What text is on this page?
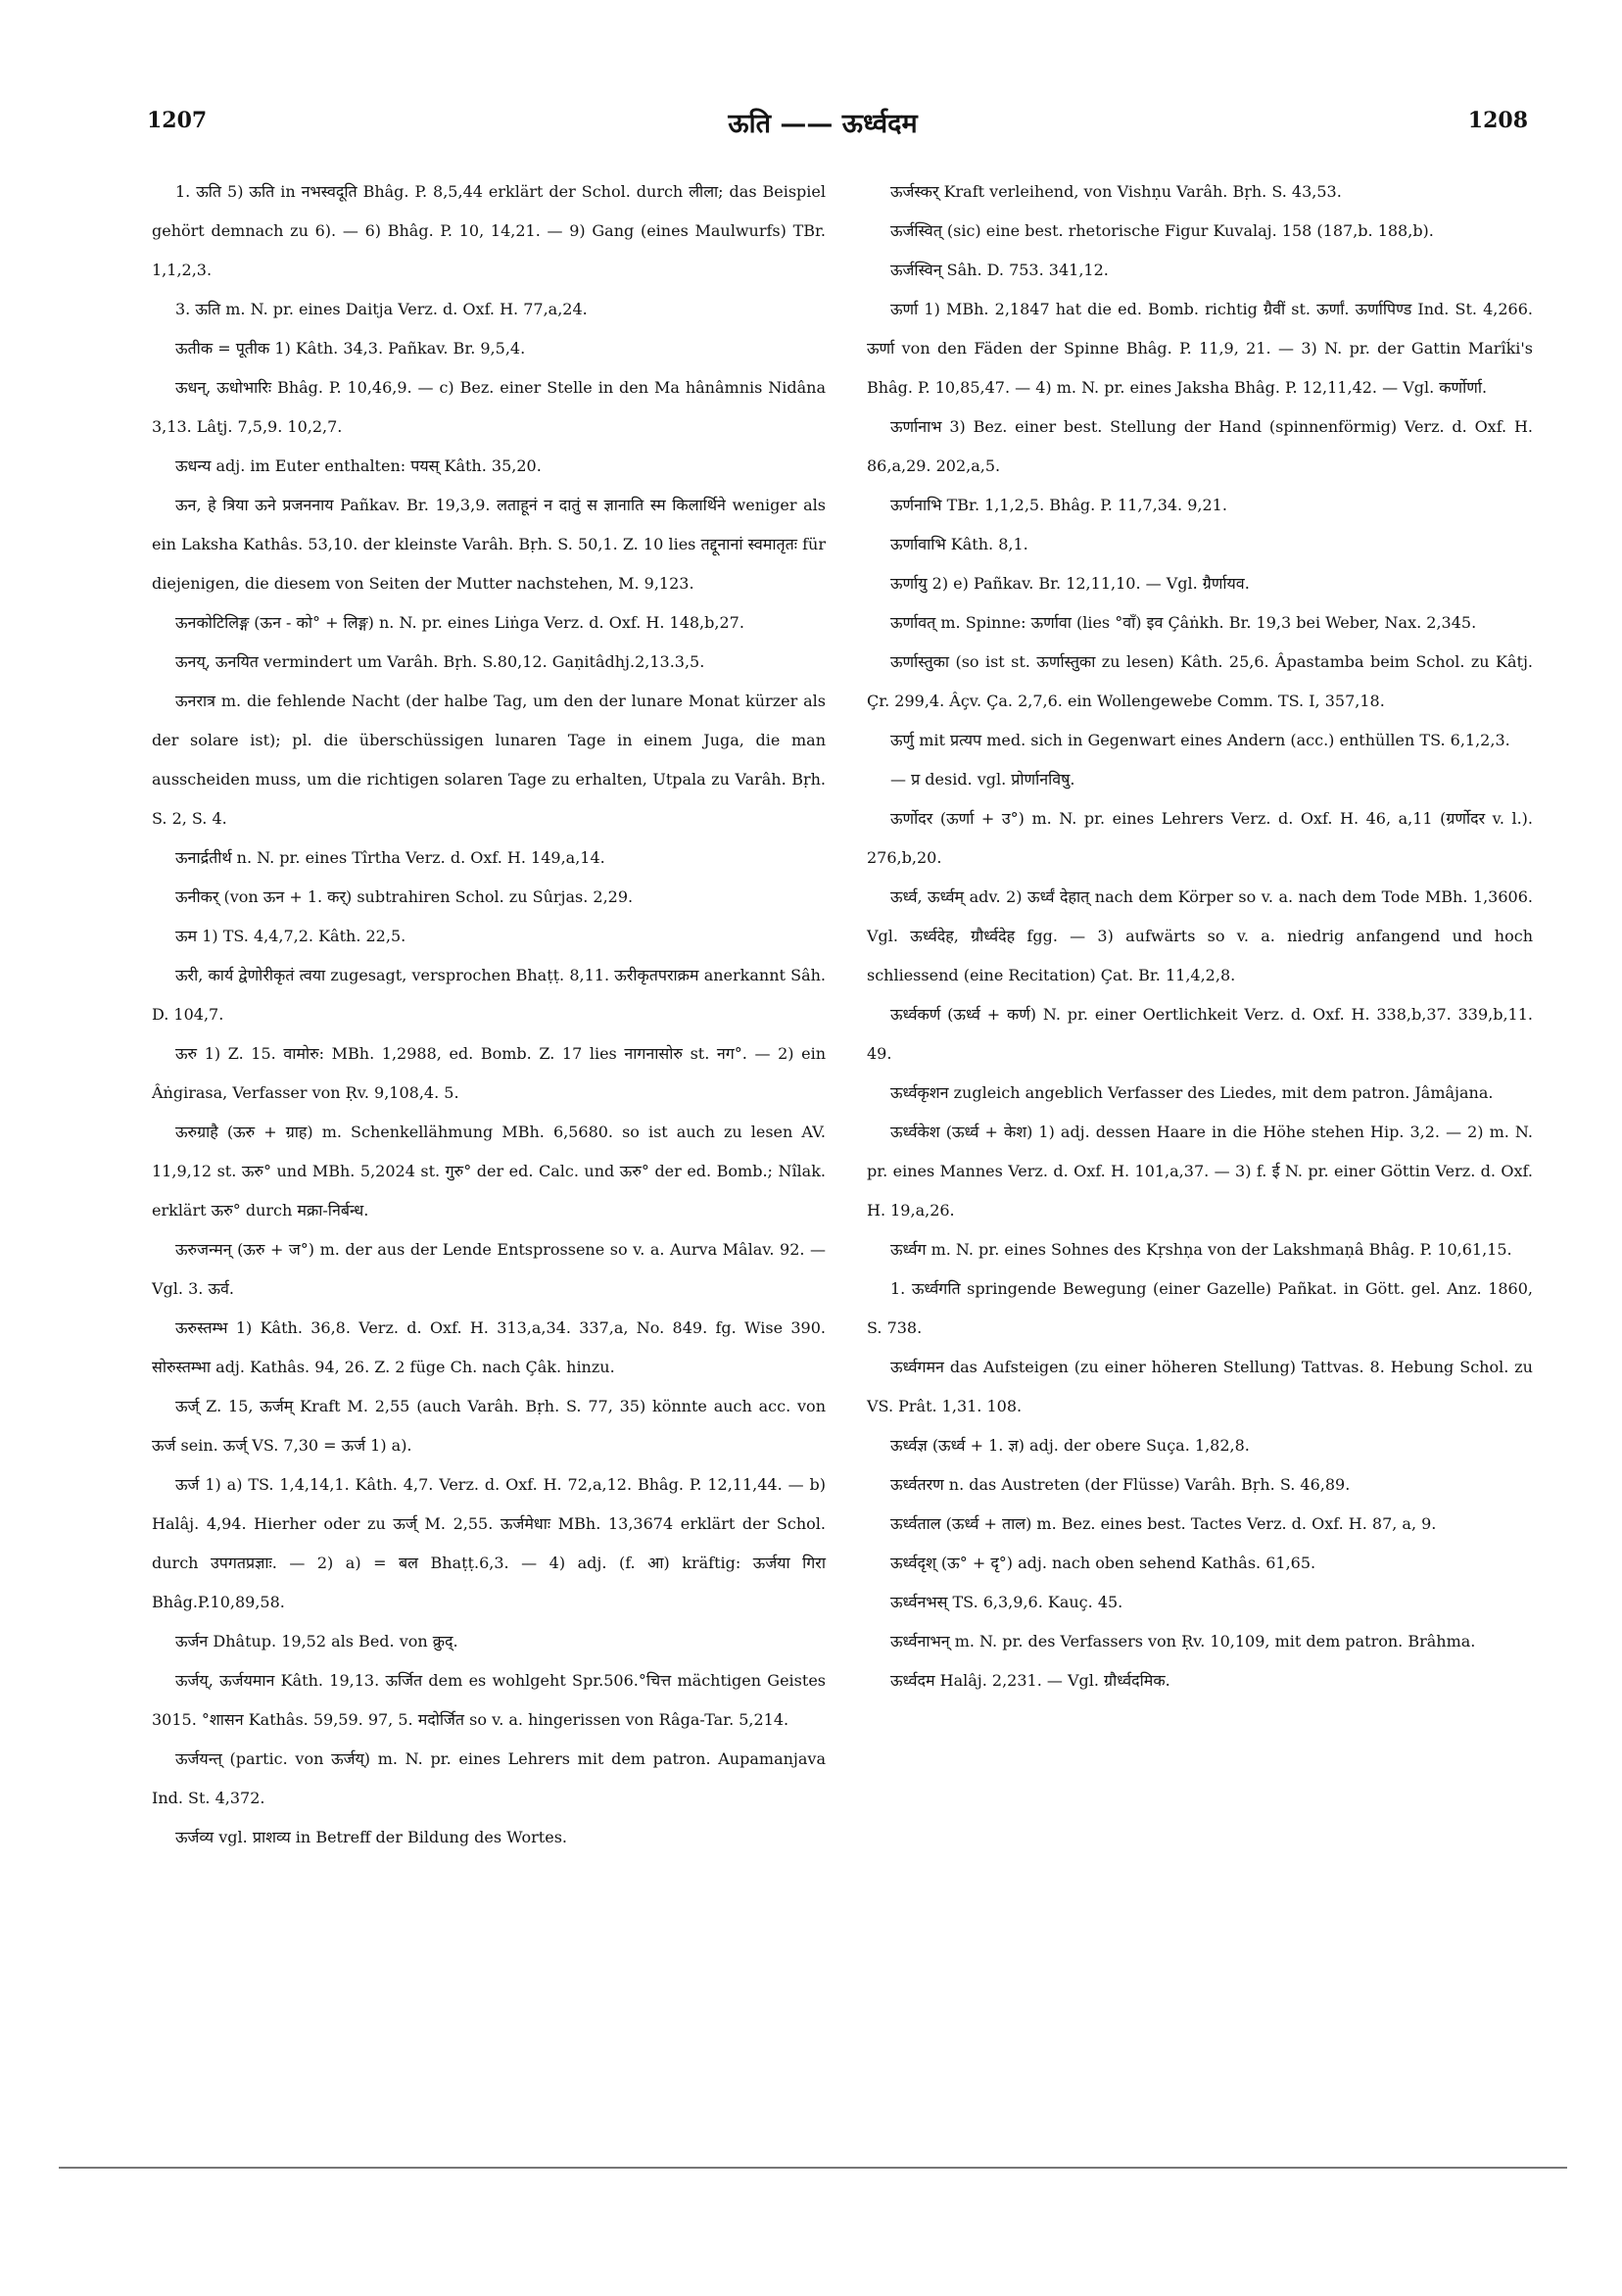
1207	ऊति —— ऊर्ध्वदम	1208

1. ऊति 5) ऊति in नभस्वदूति Bhâg. P. 8,5,44 erklärt der Schol. durch लीला; das Beispiel gehört demnach zu 6). — 6) Bhâg. P. 10, 14,21. — 9) Gang (eines Maulwurfs) TBr. 1,1,2,3.

3. ऊति m. N. pr. eines Daitja Verz. d. Oxf. H. 77,a,24.

ऊतीक = पूतीक 1) Kâth. 34,3. Pañkav. Br. 9,5,4.

ऊधन्, ऊधोभारिः Bhâg. P. 10,46,9. — c) Bez. einer Stelle in den Ma hânâmnis Nidâna 3,13. Lâṭj. 7,5,9. 10,2,7.

ऊधन्य adj. im Euter enthalten: पयस् Kâth. 35,20.

ऊन, हे त्रिया ऊने प्रजननाय Pañkav. Br. 19,3,9. लताहूनं न दातुं स ज्ञानाति स्म किलार्थिने weniger als ein Laksha Kathâs. 53,10. der kleinste Varâh. Bṛh. S. 50,1. Z. 10 lies तद्दूनानां स्वमातृतः für diejenigen, die diesem von Seiten der Mutter nachstehen, M. 9,123.

ऊनकोटिलिङ्ग (ऊन - को° + लिङ्ग) n. N. pr. eines Liṅga Verz. d. Oxf. H. 148,b,27.

ऊनय्, ऊनयित vermindert um Varâh. Bṛh. S.80,12. Gaṇitâdhj.2,13.3,5.

ऊनरात्र m. die fehlende Nacht (der halbe Tag, um den der lunare Monat kürzer als der solare ist); pl. die überschüssigen lunaren Tage in einem Juga, die man ausscheiden muss, um die richtigen solaren Tage zu erhalten, Utpala zu Varâh. Bṛh. S. 2, S. 4.

ऊनार्द्रतीर्थ n. N. pr. eines Tîrtha Verz. d. Oxf. H. 149,a,14.

ऊनीकर् (von ऊन + 1. कर्) subtrahiren Schol. zu Sûrjas. 2,29.

ऊम 1) TS. 4,4,7,2. Kâth. 22,5.

ऊरी, कार्य द्वेणोरीकृतं त्वया zugesagt, versprochen Bhaṭṭ. 8,11. ऊरीकृतपराक्रम anerkannt Sâh. D. 104,7.

ऊरु 1) Z. 15. वामोरु: MBh. 1,2988, ed. Bomb. Z. 17 lies नागनासोरु st. नग°. — 2) ein Âṅgirasa, Verfasser von Ṛv. 9,108,4. 5.

ऊरुग्राहै (ऊरु + ग्राह) m. Schenkellähmung MBh. 6,5680. so ist auch zu lesen AV. 11,9,12 st. ऊरु° und MBh. 5,2024 st. गुरु° der ed. Calc. und ऊरु° der ed. Bomb.; Nîlak. erklärt ऊरु° durch मक्रा-निर्बन्ध.

ऊरुजन्मन् (ऊरु + ज°) m. der aus der Lende Entsprossene so v. a. Aurva Mâlav. 92. — Vgl. 3. ऊर्व.

ऊरुस्तम्भ 1) Kâth. 36,8. Verz. d. Oxf. H. 313,a,34. 337,a, No. 849. fg. Wise 390. सोरुस्तम्भा adj. Kathâs. 94, 26. Z. 2 füge Ch. nach Çâk. hinzu.

ऊर्ज् Z. 15, ऊर्जम् Kraft M. 2,55 (auch Varâh. Bṛh. S. 77, 35) könnte auch acc. von ऊर्ज sein. ऊर्ज् VS. 7,30 = ऊर्ज 1) a).

ऊर्ज 1) a) TS. 1,4,14,1. Kâth. 4,7. Verz. d. Oxf. H. 72,a,12. Bhâg. P. 12,11,44. — b) Halâj. 4,94. Hierher oder zu ऊर्ज् M. 2,55. ऊर्जमेधाः MBh. 13,3674 erklärt der Schol. durch उपगतप्रज्ञाः. — 2) a) = बल Bhaṭṭ.6,3. — 4) adj. (f. आ) kräftig: ऊर्जया गिरा Bhâg.P.10,89,58.

ऊर्जन Dhâtup. 19,52 als Bed. von क्रुद्.

ऊर्जय्, ऊर्जयमान Kâth. 19,13. ऊर्जित dem es wohlgeht Spr.506.°चित्त mächtigen Geistes 3015. °शासन Kathâs. 59,59. 97, 5. मदोर्जित so v. a. hingerissen von Râga-Tar. 5,214.

ऊर्जयन्त् (partic. von ऊर्जय्) m. N. pr. eines Lehrers mit dem patron. Aupamanjava Ind. St. 4,372.

ऊर्जव्य vgl. प्राशव्य in Betreff der Bildung des Wortes.

ऊर्जस्कर् Kraft verleihend, von Vishṇu Varâh. Bṛh. S. 43,53.

ऊर्जस्वित् (sic) eine best. rhetorische Figur Kuvalaj. 158 (187,b. 188,b).

ऊर्जस्विन् Sâh. D. 753. 341,12.

ऊर्णा 1) MBh. 2,1847 hat die ed. Bomb. richtig ग्रैवीं st. ऊर्णां. ऊर्णापिण्ड Ind. St. 4,266. ऊर्णा von den Fäden der Spinne Bhâg. P. 11,9, 21. — 3) N. pr. der Gattin Marîḱi's Bhâg. P. 10,85,47. — 4) m. N. pr. eines Jaksha Bhâg. P. 12,11,42. — Vgl. कर्णोर्णा.

ऊर्णानाभ 3) Bez. einer best. Stellung der Hand (spinnenförmig) Verz. d. Oxf. H. 86,a,29. 202,a,5.

ऊर्णनाभि TBr. 1,1,2,5. Bhâg. P. 11,7,34. 9,21.

ऊर्णावाभि Kâth. 8,1.

ऊर्णायु 2) e) Pañkav. Br. 12,11,10. — Vgl. ग्रैर्णायव.

ऊर्णावत् m. Spinne: ऊर्णावा (lies °वाँ) इव Çâṅkh. Br. 19,3 bei Weber, Nax. 2,345.

ऊर्णास्तुका (so ist st. ऊर्णास्तुका zu lesen) Kâth. 25,6. Âpastamba beim Schol. zu Kâtj. Çr. 299,4. Âçv. Ça. 2,7,6. ein Wollengewebe Comm. TS. I, 357,18.

ऊर्णु mit प्रत्यप med. sich in Gegenwart eines Andern (acc.) enthüllen TS. 6,1,2,3.

— प्र desid. vgl. प्रोर्णानविषु.

ऊर्णोदर (ऊर्णा + उ°) m. N. pr. eines Lehrers Verz. d. Oxf. H. 46, a,11 (ग्रर्णोदर v. l.). 276,b,20.

ऊर्ध्व, ऊर्ध्वम् adv. 2) ऊर्ध्वं देहात् nach dem Körper so v. a. nach dem Tode MBh. 1,3606. Vgl. ऊर्ध्वदेह, ग्रौर्ध्वदेह fgg. — 3) aufwärts so v. a. niedrig anfangend und hoch schliessend (eine Recitation) Çat. Br. 11,4,2,8.

ऊर्ध्वकर्ण (ऊर्ध्व + कर्ण) N. pr. einer Oertlichkeit Verz. d. Oxf. H. 338,b,37. 339,b,11. 49.

ऊर्ध्वकृशन zugleich angeblich Verfasser des Liedes, mit dem patron. Jâmâjana.

ऊर्ध्वकेश (ऊर्ध्व + केश) 1) adj. dessen Haare in die Höhe stehen Hip. 3,2. — 2) m. N. pr. eines Mannes Verz. d. Oxf. H. 101,a,37. — 3) f. ई N. pr. einer Göttin Verz. d. Oxf. H. 19,a,26.

ऊर्ध्वग m. N. pr. eines Sohnes des Kṛshṇa von der Lakshmaṇâ Bhâg. P. 10,61,15.

1. ऊर्ध्वगति springende Bewegung (einer Gazelle) Pañkat. in Gött. gel. Anz. 1860, S. 738.

ऊर्ध्वगमन das Aufsteigen (zu einer höheren Stellung) Tattvas. 8. Hebung Schol. zu VS. Prât. 1,31. 108.

ऊर्ध्वज्ञ (ऊर्ध्व + 1. ज्ञ) adj. der obere Suça. 1,82,8.

ऊर्ध्वतरण n. das Austreten (der Flüsse) Varâh. Bṛh. S. 46,89.

ऊर्ध्वताल (ऊर्ध्व + ताल) m. Bez. eines best. Tactes Verz. d. Oxf. H. 87, a, 9.

ऊर्ध्वदृश् (ऊ° + दृ°) adj. nach oben sehend Kathâs. 61,65.

ऊर्ध्वनभस् TS. 6,3,9,6. Kauç. 45.

ऊर्ध्वनाभन् m. N. pr. des Verfassers von Ṛv. 10,109, mit dem patron. Brâhma.

ऊर्ध्वदम Halâj. 2,231. — Vgl. ग्रौर्ध्वदमिक.
